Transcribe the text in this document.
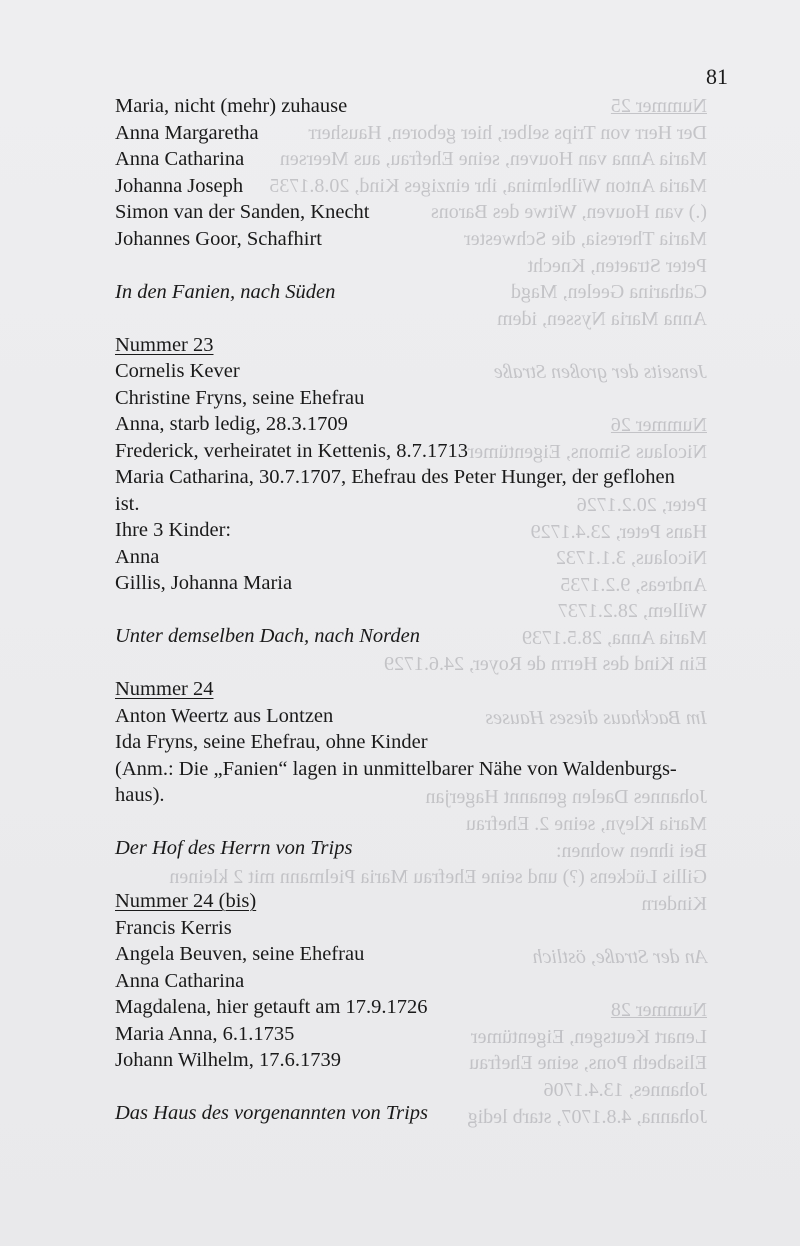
Nummer 25
Der Herr von Trips selber, hier geboren, Hausherr
Maria Anna van Houven, seine Ehefrau, aus Meersen
Maria Anton Wilhelmina, ihr einziges Kind, 20.8.1735
(.) van Houven, Witwe des Barons
Maria Theresia, die Schwester
Peter Straeten, Knecht
Catharina Geelen, Magd
Anna Maria Nyssen, idem

Jenseits der großen Straße

Nummer 26
Nicolaus Simons, Eigentümer

Peter, 20.2.1726
Hans Peter, 23.4.1729
Nicolaus, 3.1.1732
Andreas, 9.2.1735
Willem, 28.2.1737
Maria Anna, 28.5.1739
Ein Kind des Herrn de Royer, 24.6.1729

Im Backhaus dieses Hauses

Johannes Daelen genannt Hagerjan
Maria Kleyn, seine 2. Ehefrau
Bei ihnen wohnen:
Gillis Lückens (?) und seine Ehefrau Maria Pielmann mit 2 kleinen
Kindern

An der Straße, östlich

Nummer 28
Lenart Keutsgen, Eigentümer
Elisabeth Pons, seine Ehefrau
Johannes, 13.4.1706
Johanna, 4.8.1707, starb ledig
81
Maria, nicht (mehr) zuhause
Anna Margaretha
Anna Catharina
Johanna Joseph
Simon van der Sanden, Knecht
Johannes Goor, Schafhirt
In den Fanien, nach Süden
Nummer 23
Cornelis Kever
Christine Fryns, seine Ehefrau
Anna, starb ledig, 28.3.1709
Frederick, verheiratet in Kettenis, 8.7.1713
Maria Catharina, 30.7.1707, Ehefrau des Peter Hunger, der geflohen
ist.
Ihre 3 Kinder:
Anna
Gillis, Johanna Maria
Unter demselben Dach, nach Norden
Nummer 24
Anton Weertz aus Lontzen
Ida Fryns, seine Ehefrau, ohne Kinder
(Anm.: Die „Fanien“ lagen in unmittelbarer Nähe von Waldenburgs-
haus).
Der Hof des Herrn von Trips
Nummer 24 (bis)
Francis Kerris
Angela Beuven, seine Ehefrau
Anna Catharina
Magdalena, hier getauft am 17.9.1726
Maria Anna, 6.1.1735
Johann Wilhelm, 17.6.1739
Das Haus des vorgenannten von Trips
